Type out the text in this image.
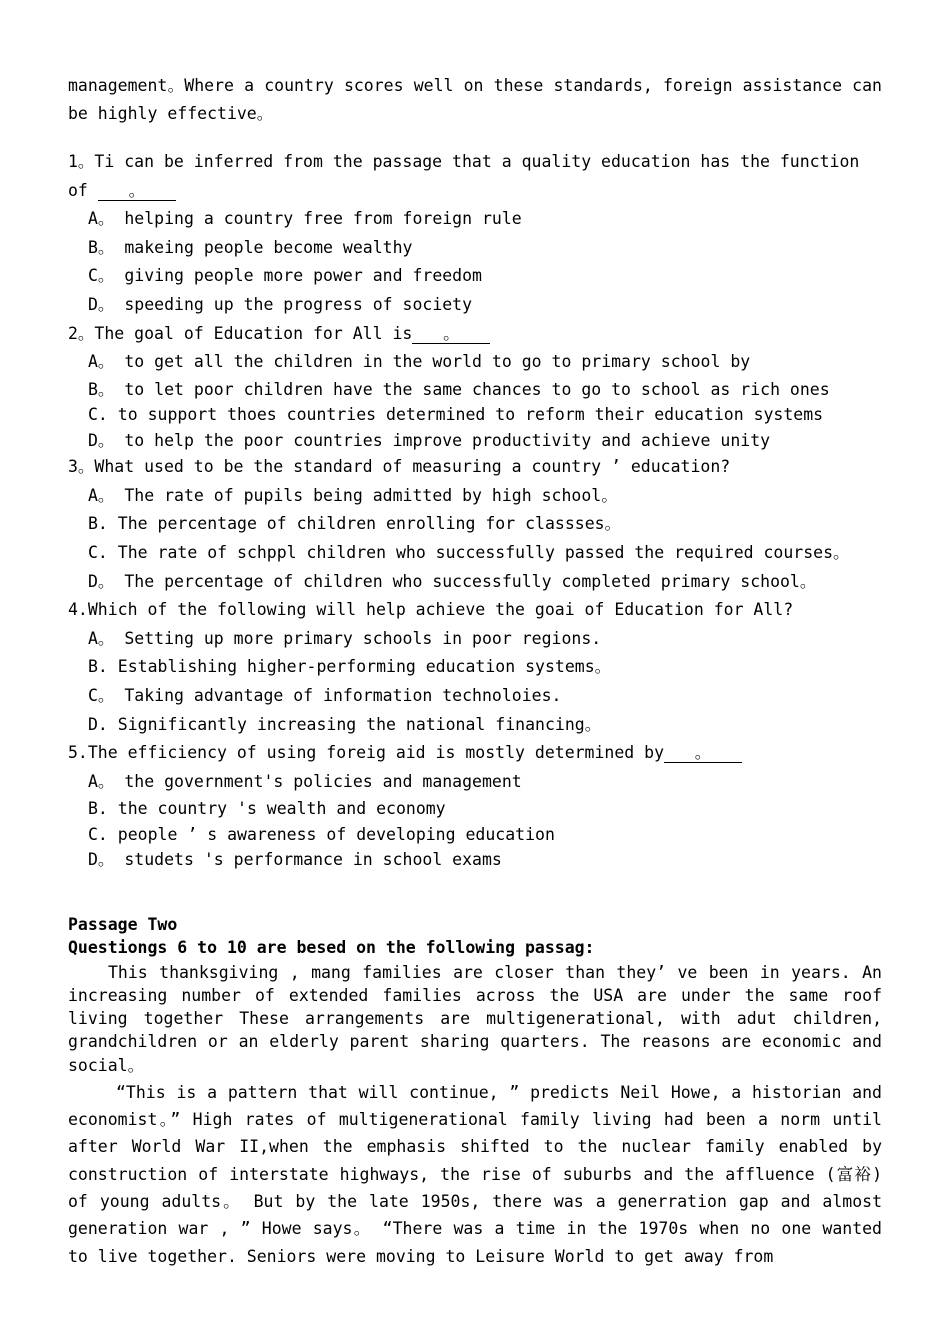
management。Where a country scores well on these standards, foreign assistance can be highly effective。

1。Ti can be inferred from the passage that a quality education has the function of 。

A。 helping a country free from foreign rule

B。 makeing people become wealthy

C。 giving people more power and freedom

D。 speeding up the progress of society

2。The goal of Education for All is 。

A。 to get all the children in the world to go to primary school by

B。 to let poor children have the same chances to go to school as rich ones

C. to support thoes countries determined to reform their education systems

D。 to help the poor countries improve productivity and achieve unity

3。What used to be the standard of measuring a country ’ education?

A。 The rate of pupils being admitted by high school。

B. The percentage of children enrolling for classses。

C. The rate of schppl children who successfully passed the required courses。

D。 The percentage of children who successfully completed primary school。

4.Which of the following will help achieve the goai of Education for All?

A。 Setting up more primary schools in poor regions.

B. Establishing higher-performing education systems。

C。 Taking advantage of information technoloies.

D. Significantly increasing the national financing。

5.The efficiency of using foreig aid is mostly determined by 。

A。 the government's policies and management

B. the country 's wealth and economy

C. people ’ s awareness of developing education

D。 studets 's performance in school exams

Passage Two

Questiongs 6 to 10 are besed on the following passag:

This thanksgiving , mang families are closer than they’ ve been in years. An increasing number of extended families across the USA are under the same roof living together These arrangements are multigenerational, with adut children, grandchildren or an elderly parent sharing quarters. The reasons are economic and social。

“This is a pattern that will continue, ” predicts Neil Howe, a historian and economist。” High rates of multigenerational family living had been a norm until after World War II,when the emphasis shifted to the nuclear family enabled by construction of interstate highways, the rise of suburbs and the affluence (富裕) of young adults。 But by the late 1950s, there was a generration gap and almost generation war , ” Howe says。 “There was a time in the 1970s when no one wanted to live together. Seniors were moving to Leisure World to get away from
